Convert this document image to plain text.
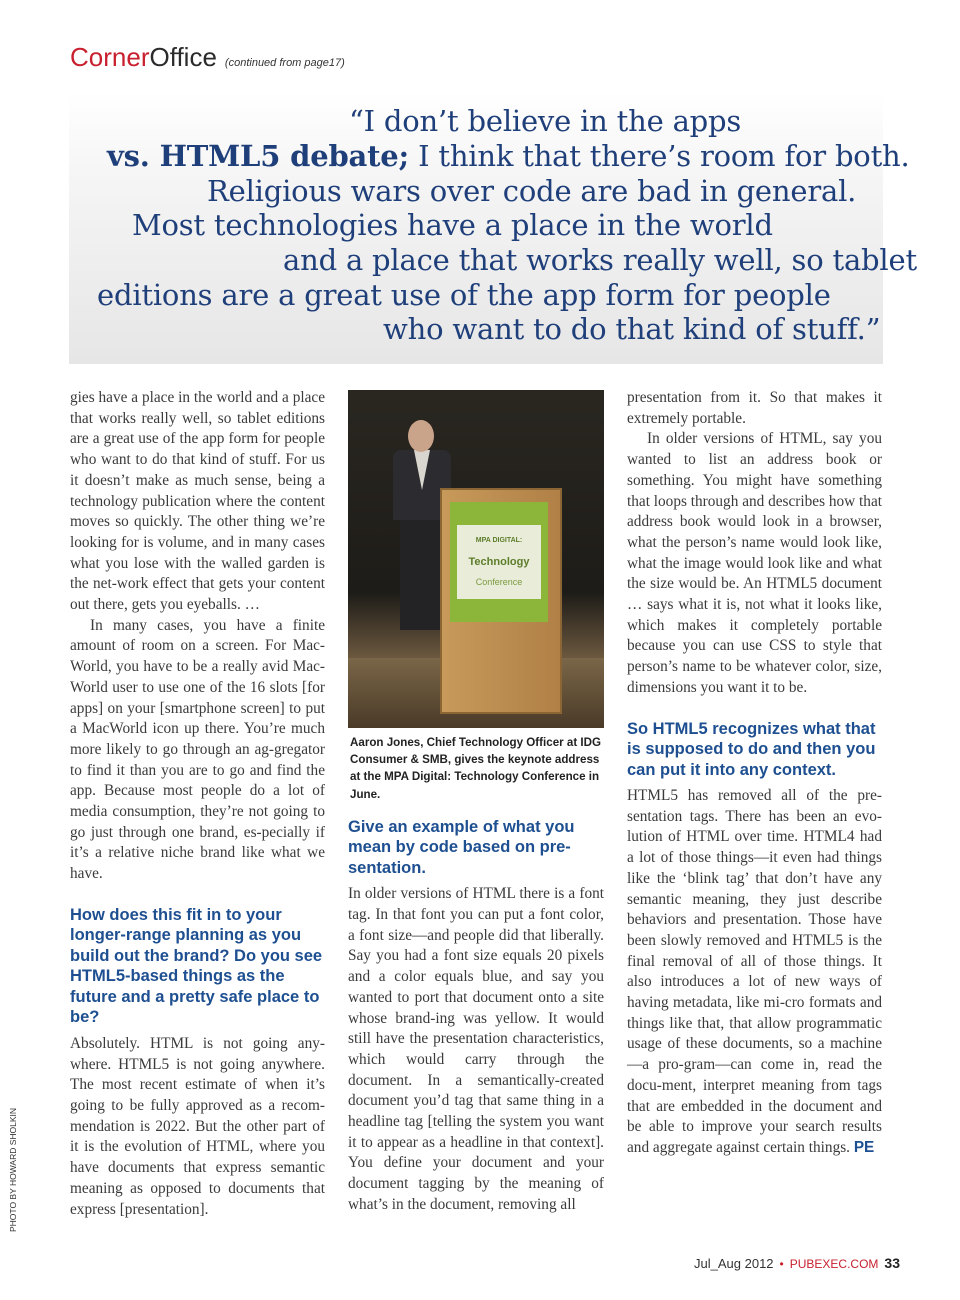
Corner Office (continued from page17)
“I don’t believe in the apps
vs. HTML5 debate; I think that there’s room for both.
Religious wars over code are bad in general.
Most technologies have a place in the world
and a place that works really well, so tablet
editions are a great use of the app form for people
who want to do that kind of stuff.”

gies have a place in the world and a place that works really well, so tablet editions are a great use of the app form for people who want to do that kind of stuff. For us it doesn’t make as much sense, being a technology publication where the content moves so quickly. The other thing we’re looking for is volume, and in many cases what you lose with the walled garden is the net-work effect that gets your content out there, gets you eyeballs. …

In many cases, you have a finite amount of room on a screen. For Mac-World, you have to be a really avid Mac-World user to use one of the 16 slots [for apps] on your [smartphone screen] to put a MacWorld icon up there. You’re much more likely to go through an ag-gregator to find it than you are to go and find the app. Because most people do a lot of media consumption, they’re not going to go just through one brand, es-pecially if it’s a relative niche brand like what we have.

How does this fit in to your longer-range planning as you build out the brand? Do you see HTML5-based things as the future and a pretty safe place to be?

Absolutely. HTML is not going any-where. HTML5 is not going anywhere. The most recent estimate of when it’s going to be fully approved as a recom-mendation is 2022. But the other part of it is the evolution of HTML, where you have documents that express semantic meaning as opposed to documents that express [presentation].

MPA DIGITAL:
Technology
Conference
Aaron Jones, Chief Technology Officer at IDG Consumer & SMB, gives the keynote address at the MPA Digital: Technology Conference in June.
Give an example of what you mean by code based on pre-sentation.

In older versions of HTML there is a font tag. In that font you can put a font color, a font size—and people did that liberally. Say you had a font size equals 20 pixels and a color equals blue, and say you wanted to port that document onto a site whose brand-ing was yellow. It would still have the presentation characteristics, which would carry through the document. In a semantically-created document you’d tag that same thing in a headline tag [telling the system you want it to appear as a headline in that context]. You define your document and your document tagging by the meaning of what’s in the document, removing all

presentation from it. So that makes it extremely portable.

In older versions of HTML, say you wanted to list an address book or something. You might have something that loops through and describes how that address book would look in a browser, what the person’s name would look like, what the image would look like and what the size would be. An HTML5 document … says what it is, not what it looks like, which makes it completely portable because you can use CSS to style that person’s name to be whatever color, size, dimensions you want it to be.

So HTML5 recognizes what that is supposed to do and then you can put it into any context.

HTML5 has removed all of the pre-sentation tags. There has been an evo-lution of HTML over time. HTML4 had a lot of those things—it even had things like the ‘blink tag’ that don’t have any semantic meaning, they just describe behaviors and presentation. Those have been slowly removed and HTML5 is the final removal of all of those things. It also introduces a lot of new ways of having metadata, like mi-cro formats and things like that, that allow programmatic usage of these documents, so a machine—a pro-gram—can come in, read the docu-ment, interpret meaning from tags that are embedded in the document and be able to improve your search results and aggregate against certain things. PE

PHOTO BY HOWARD SHOLKIN
Jul_Aug 2012 • PUBEXEC.COM 33
